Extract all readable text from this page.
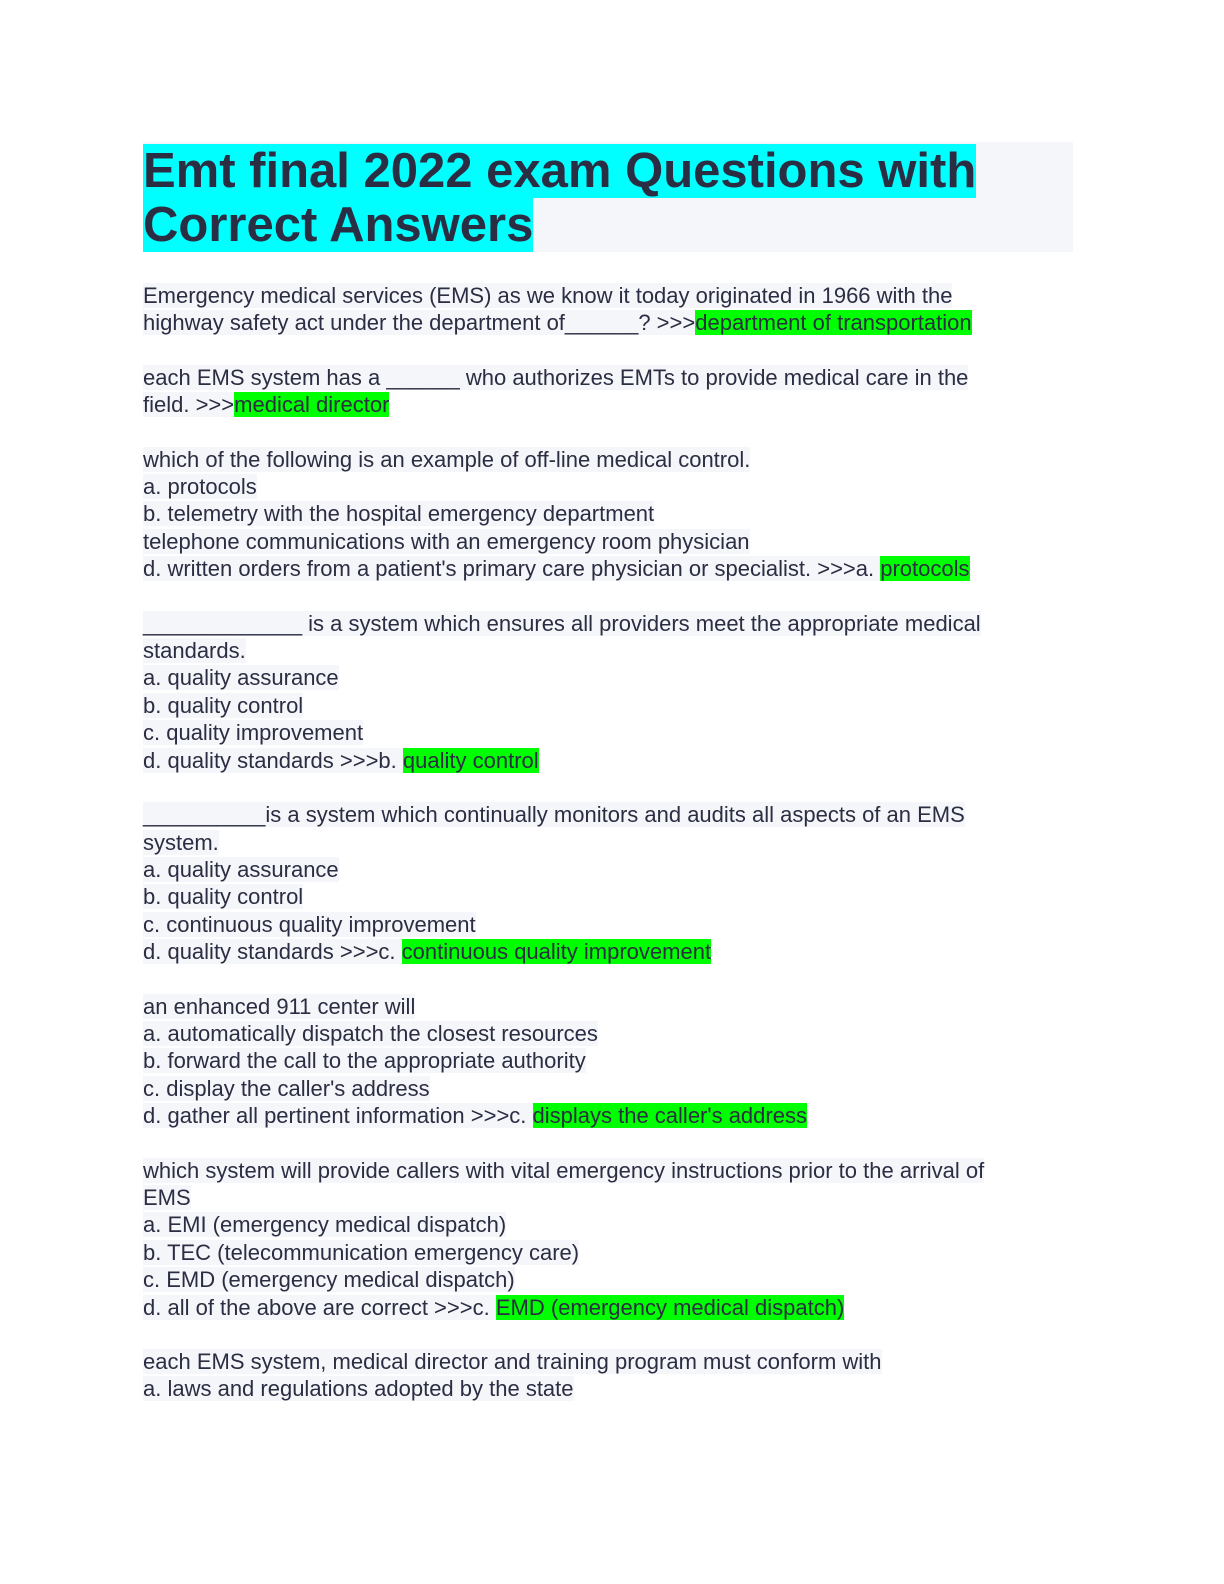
Emt final 2022 exam Questions with
Correct Answers
Emergency medical services (EMS) as we know it today originated in 1966 with the
highway safety act under the department of______? >>>department of transportation
each EMS system has a ______ who authorizes EMTs to provide medical care in the
field. >>>medical director
which of the following is an example of off-line medical control.
a. protocols
b. telemetry with the hospital emergency department
telephone communications with an emergency room physician
d. written orders from a patient's primary care physician or specialist. >>>a. protocols
_____________ is a system which ensures all providers meet the appropriate medical
standards.
a. quality assurance
b. quality control
c. quality improvement
d. quality standards >>>b. quality control
__________is a system which continually monitors and audits all aspects of an EMS
system.
a. quality assurance
b. quality control
c. continuous quality improvement
d. quality standards >>>c. continuous quality improvement
an enhanced 911 center will
a. automatically dispatch the closest resources
b. forward the call to the appropriate authority
c. display the caller's address
d. gather all pertinent information >>>c. displays the caller's address
which system will provide callers with vital emergency instructions prior to the arrival of
EMS
a. EMI (emergency medical dispatch)
b. TEC (telecommunication emergency care)
c. EMD (emergency medical dispatch)
d. all of the above are correct >>>c. EMD (emergency medical dispatch)
each EMS system, medical director and training program must conform with
a. laws and regulations adopted by the state
